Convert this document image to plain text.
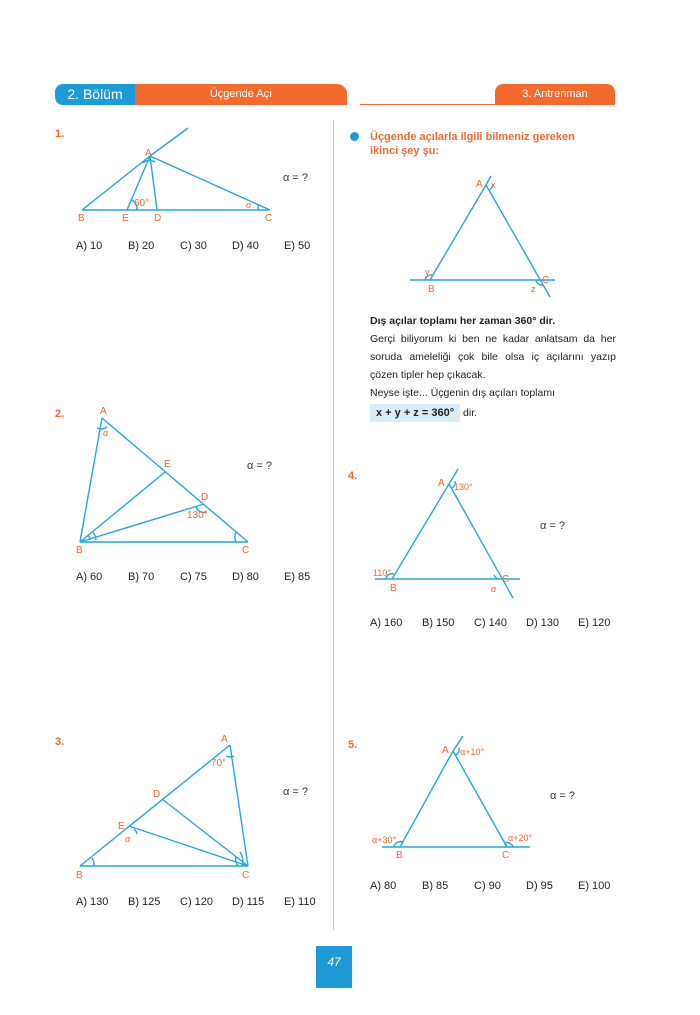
2. Bölüm	Üçgende Açı	3. Antrenman
1.
A
B	E	D	C
60°	α
α = ?
A) 10	B) 20	C) 30	D) 40	E) 50
2.	A
α
E
D
130°
B	C
α = ?
A) 60	B) 70	C) 75	D) 80	E) 85
3.	A
70°
D
E
α
B	C
α = ?
A) 130	B) 125	C) 120	D) 115	E) 110
Üçgende açılarla ilgili bilmeniz gereken ikinci şey şu:
A x
y
B
C
z
Dış açılar toplamı her zaman 360° dir.
Gerçi biliyorum ki ben ne kadar anlatsam da her soruda ameleliği çok bile olsa iç açılarını yazıp çözen tipler hep çıkacak.
Neyse işte... Üçgenin dış açıları toplamı
x + y + z = 360° dir.
4.
A 130°
110°
B
C
α
α = ?
A) 160	B) 150	C) 140	D) 130	E) 120
5.	A α+10°
α+30°
B
α+20°
C
α = ?
A) 80	B) 85	C) 90	D) 95	E) 100
47
